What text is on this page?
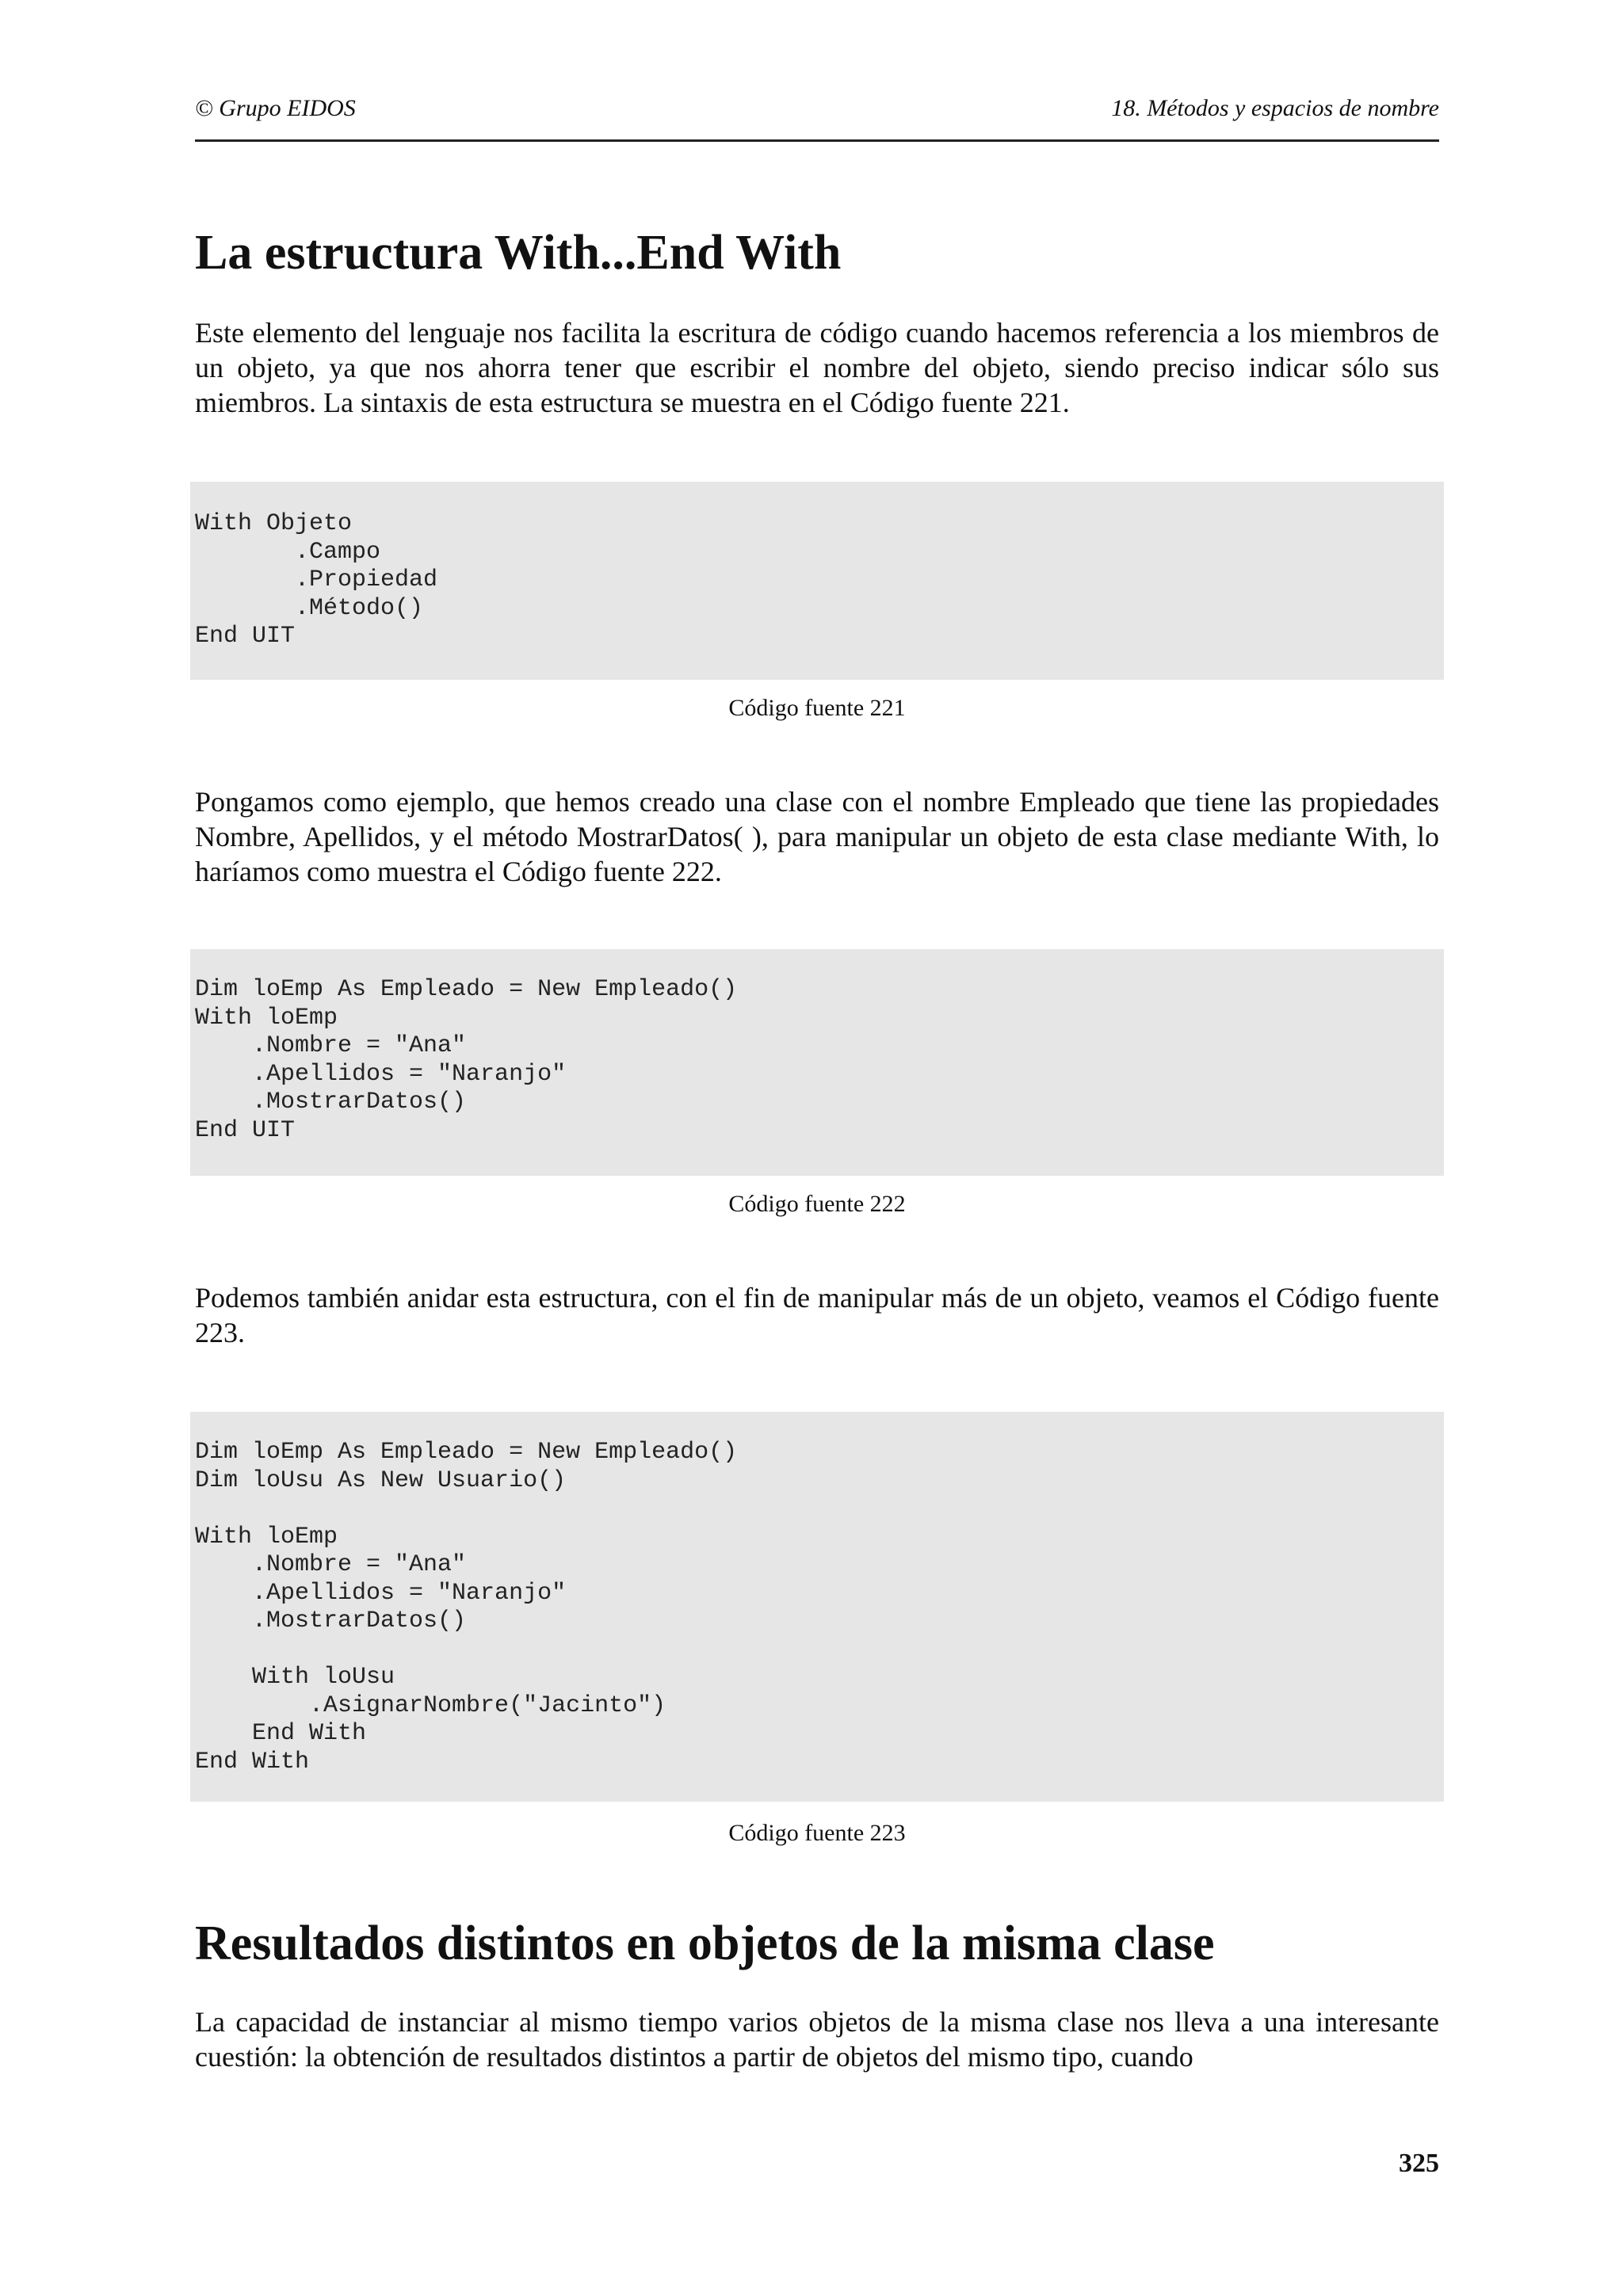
© Grupo EIDOS	18. Métodos y espacios de nombre
La estructura With...End With

Este elemento del lenguaje nos facilita la escritura de código cuando hacemos referencia a los miembros de un objeto, ya que nos ahorra tener que escribir el nombre del objeto, siendo preciso indicar sólo sus miembros. La sintaxis de esta estructura se muestra en el Código fuente 221.

With Objeto
.Campo
.Propiedad
.Método()
End UIT
Código fuente 221

Pongamos como ejemplo, que hemos creado una clase con el nombre Empleado que tiene las propiedades Nombre, Apellidos, y el método MostrarDatos( ), para manipular un objeto de esta clase mediante With, lo haríamos como muestra el Código fuente 222.

Dim loEmp As Empleado = New Empleado()
With loEmp
.Nombre = "Ana"
.Apellidos = "Naranjo"
.MostrarDatos()
End UIT
Código fuente 222

Podemos también anidar esta estructura, con el fin de manipular más de un objeto, veamos el Código fuente 223.

Dim loEmp As Empleado = New Empleado()
Dim loUsu As New Usuario()

With loEmp
.Nombre = "Ana"
.Apellidos = "Naranjo"
.MostrarDatos()

With loUsu
.AsignarNombre("Jacinto")
End With
End With
Código fuente 223
Resultados distintos en objetos de la misma clase

La capacidad de instanciar al mismo tiempo varios objetos de la misma clase nos lleva a una interesante cuestión: la obtención de resultados distintos a partir de objetos del mismo tipo, cuando

325
